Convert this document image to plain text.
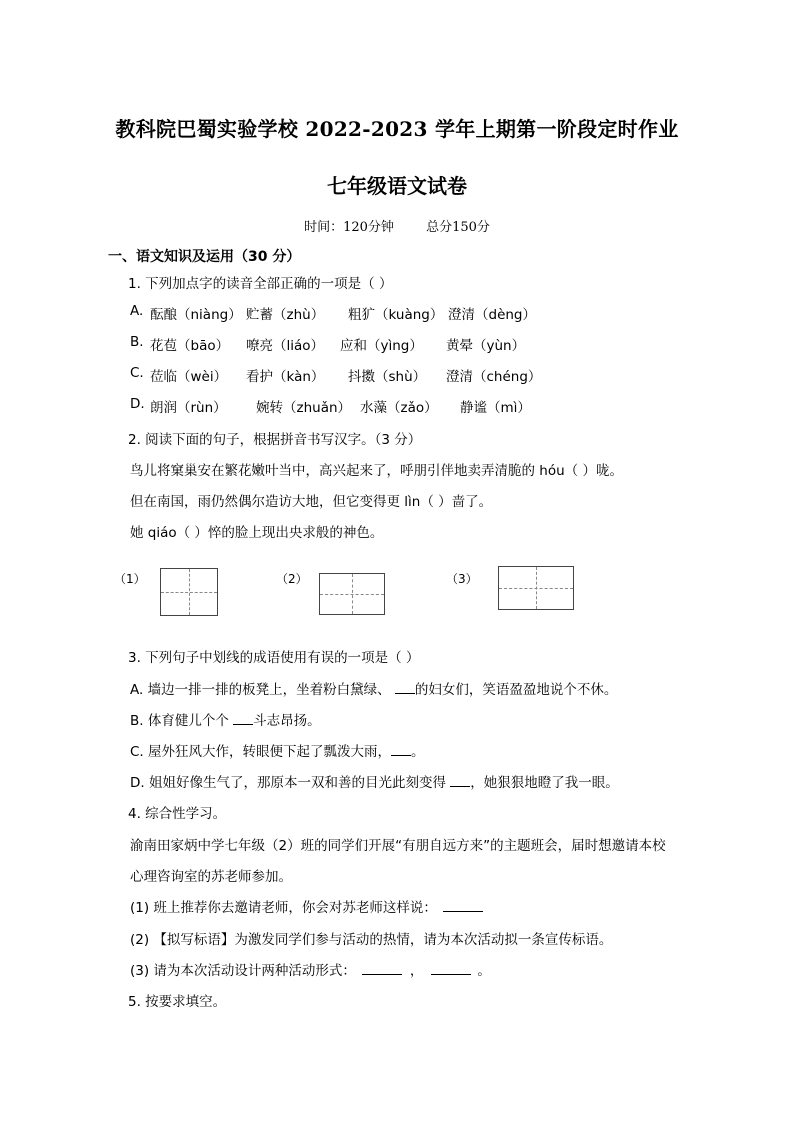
教科院巴蜀实验学校 2022-2023 学年上期第一阶段定时作业
七年级语文试卷
时间：120分钟 总分150分
一、语文知识及运用（30 分）
1. 下列加点字的读音全部正确的一项是（ ）
A. 酝酿（niàng） 贮蓄（zhù） 粗犷（kuàng） 澄清（dèng）
B. 花苞（bāo） 嘹亮（liáo） 应和（yìng） 黄晕（yùn）
C. 莅临（wèi） 看护（kàn） 抖擞（shù） 澄清（chéng）
D. 朗润（rùn） 婉转（zhuǎn） 水藻（zǎo） 静谧（mì）
2. 阅读下面的句子，根据拼音书写汉字。（3 分）
鸟儿将窠巢安在繁花嫩叶当中，高兴起来了，呼朋引伴地卖弄清脆的 hóu（ ）咙。
但在南国，雨仍然偶尔造访大地，但它变得更 lìn（ ）啬了。
她 qiáo（ ）悴的脸上现出央求般的神色。
（1）	（2）	（3）
3. 下列句子中划线的成语使用有误的一项是（ ）
A. 墙边一排一排的板凳上，坐着粉白黛绿、 的妇女们，笑语盈盈地说个不休。
B. 体育健儿个个 斗志昂扬。
C. 屋外狂风大作，转眼便下起了瓢泼大雨， 。
D. 姐姐好像生气了，那原本一双和善的目光此刻变得 ，她狠狠地瞪了我一眼。
4. 综合性学习。
渝南田家炳中学七年级（2）班的同学们开展“有朋自远方来”的主题班会，届时想邀请本校
心理咨询室的苏老师参加。
(1) 班上推荐你去邀请老师，你会对苏老师这样说：
(2) 【拟写标语】为激发同学们参与活动的热情，请为本次活动拟一条宣传标语。
(3) 请为本次活动设计两种活动形式：	，	。
5. 按要求填空。
